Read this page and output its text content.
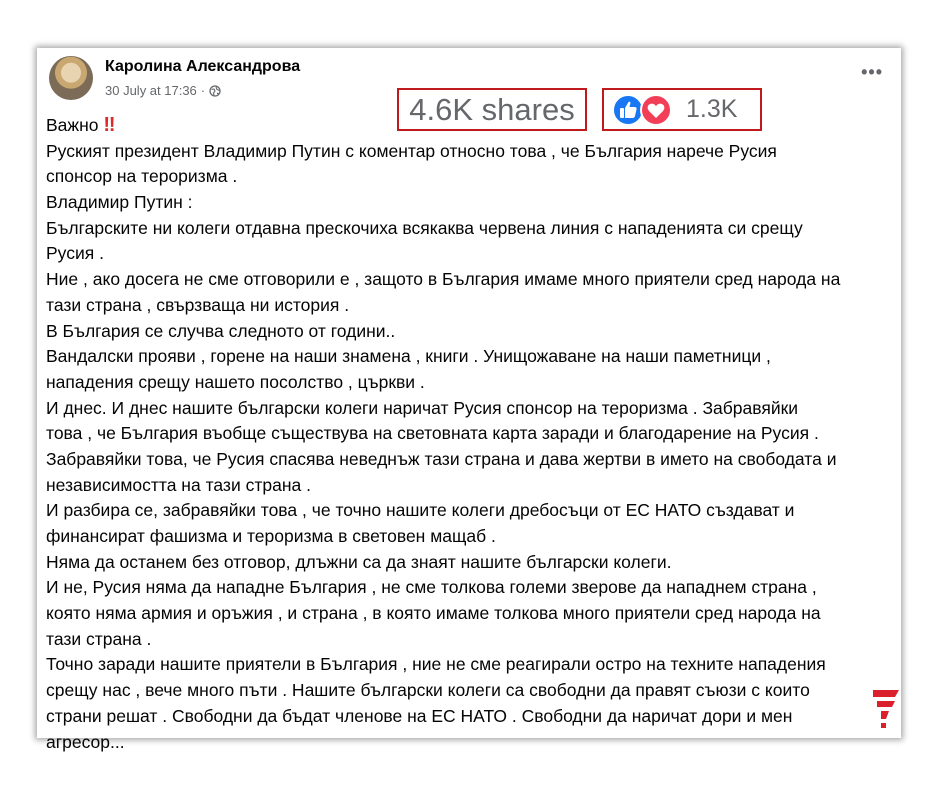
Каролина Александрова
30 July at 17:36 ·
•••
4.6K shares	1.3K
Важно ‼
Руският президент Владимир Путин с коментар относно това , че България нарече Русия
спонсор на тероризма .
Владимир Путин :
Българските ни колеги отдавна прескочиха всякаква червена линия с нападенията си срещу
Русия .
Ние , ако досега не сме отговорили е , защото в България имаме много приятели сред народа на
тази страна , свързваща ни история .
В България се случва следното от години..
Вандалски прояви , горене на наши знамена , книги . Унищожаване на наши паметници ,
нападения срещу нашето посолство , църкви .
И днес. И днес нашите български колеги наричат Русия спонсор на тероризма . Забравяйки
това , че България въобще съществува на световната карта заради и благодарение на Русия .
Забравяйки това, че Русия спасява неведнъж тази страна и дава жертви в името на свободата и
независимостта на тази страна .
И разбира се, забравяйки това , че точно нашите колеги дребосъци от ЕС НАТО създават и
финансират фашизма и тероризма в световен мащаб .
Няма да останем без отговор, длъжни са да знаят нашите български колеги.
И не, Русия няма да нападне България , не сме толкова големи зверове да нападнем страна ,
която няма армия и оръжия , и страна , в която имаме толкова много приятели сред народа на
тази страна .
Точно заради нашите приятели в България , ние не сме реагирали остро на техните нападения
срещу нас , вече много пъти . Нашите български колеги са свободни да правят съюзи с които
страни решат . Свободни да бъдат членове на ЕС НАТО . Свободни да наричат дори и мен
агресор...
